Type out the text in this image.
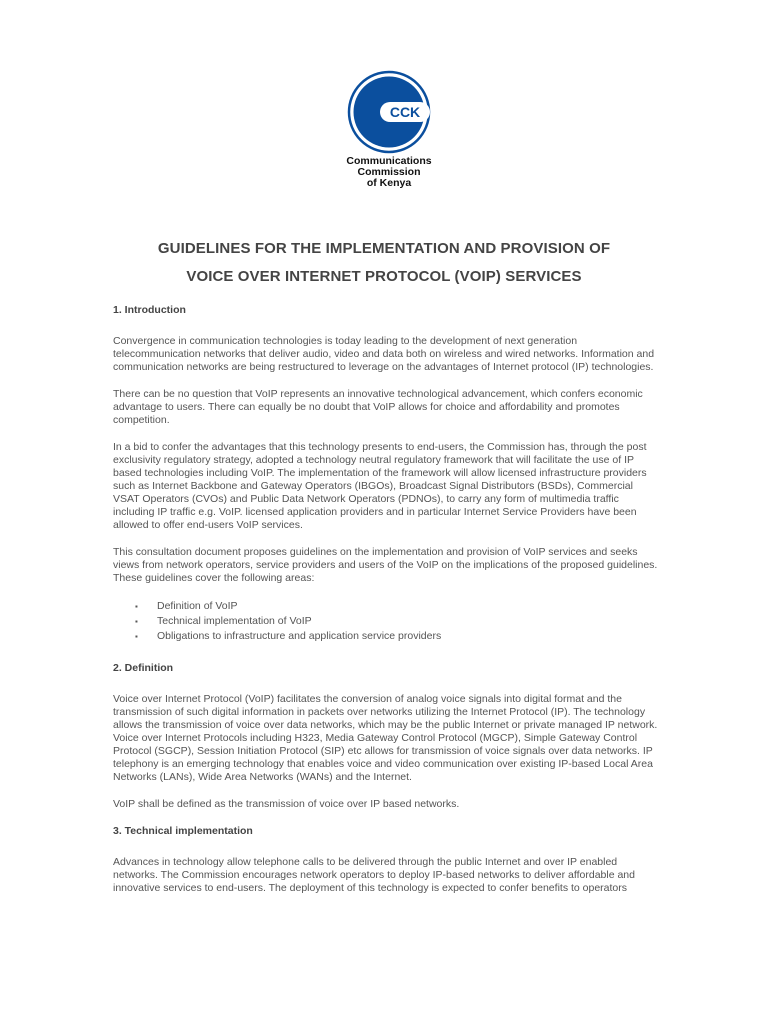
CCK
Communications
Commission
of Kenya
GUIDELINES FOR THE IMPLEMENTATION AND PROVISION OF
VOICE OVER INTERNET PROTOCOL (VOIP) SERVICES
1. Introduction

Convergence in communication technologies is today leading to the development of next generation telecommunication networks that deliver audio, video and data both on wireless and wired networks. Information and communication networks are being restructured to leverage on the advantages of Internet protocol (IP) technologies.

There can be no question that VoIP represents an innovative technological advancement, which confers economic advantage to users. There can equally be no doubt that VoIP allows for choice and affordability and promotes competition.

In a bid to confer the advantages that this technology presents to end-users, the Commission has, through the post exclusivity regulatory strategy, adopted a technology neutral regulatory framework that will facilitate the use of IP based technologies including VoIP. The implementation of the framework will allow licensed infrastructure providers such as Internet Backbone and Gateway Operators (IBGOs), Broadcast Signal Distributors (BSDs), Commercial VSAT Operators (CVOs) and Public Data Network Operators (PDNOs), to carry any form of multimedia traffic including IP traffic e.g. VoIP. licensed application providers and in particular Internet Service Providers have been allowed to offer end-users VoIP services.

This consultation document proposes guidelines on the implementation and provision of VoIP services and seeks views from network operators, service providers and users of the VoIP on the implications of the proposed guidelines. These guidelines cover the following areas:

▪ Definition of VoIP
▪ Technical implementation of VoIP
▪ Obligations to infrastructure and application service providers
2. Definition

Voice over Internet Protocol (VoIP) facilitates the conversion of analog voice signals into digital format and the transmission of such digital information in packets over networks utilizing the Internet Protocol (IP). The technology allows the transmission of voice over data networks, which may be the public Internet or private managed IP network. Voice over Internet Protocols including H323, Media Gateway Control Protocol (MGCP), Simple Gateway Control Protocol (SGCP), Session Initiation Protocol (SIP) etc allows for transmission of voice signals over data networks. IP telephony is an emerging technology that enables voice and video communication over existing IP-based Local Area Networks (LANs), Wide Area Networks (WANs) and the Internet.

VoIP shall be defined as the transmission of voice over IP based networks.

3. Technical implementation

Advances in technology allow telephone calls to be delivered through the public Internet and over IP enabled networks. The Commission encourages network operators to deploy IP-based networks to deliver affordable and innovative services to end-users. The deployment of this technology is expected to confer benefits to operators
